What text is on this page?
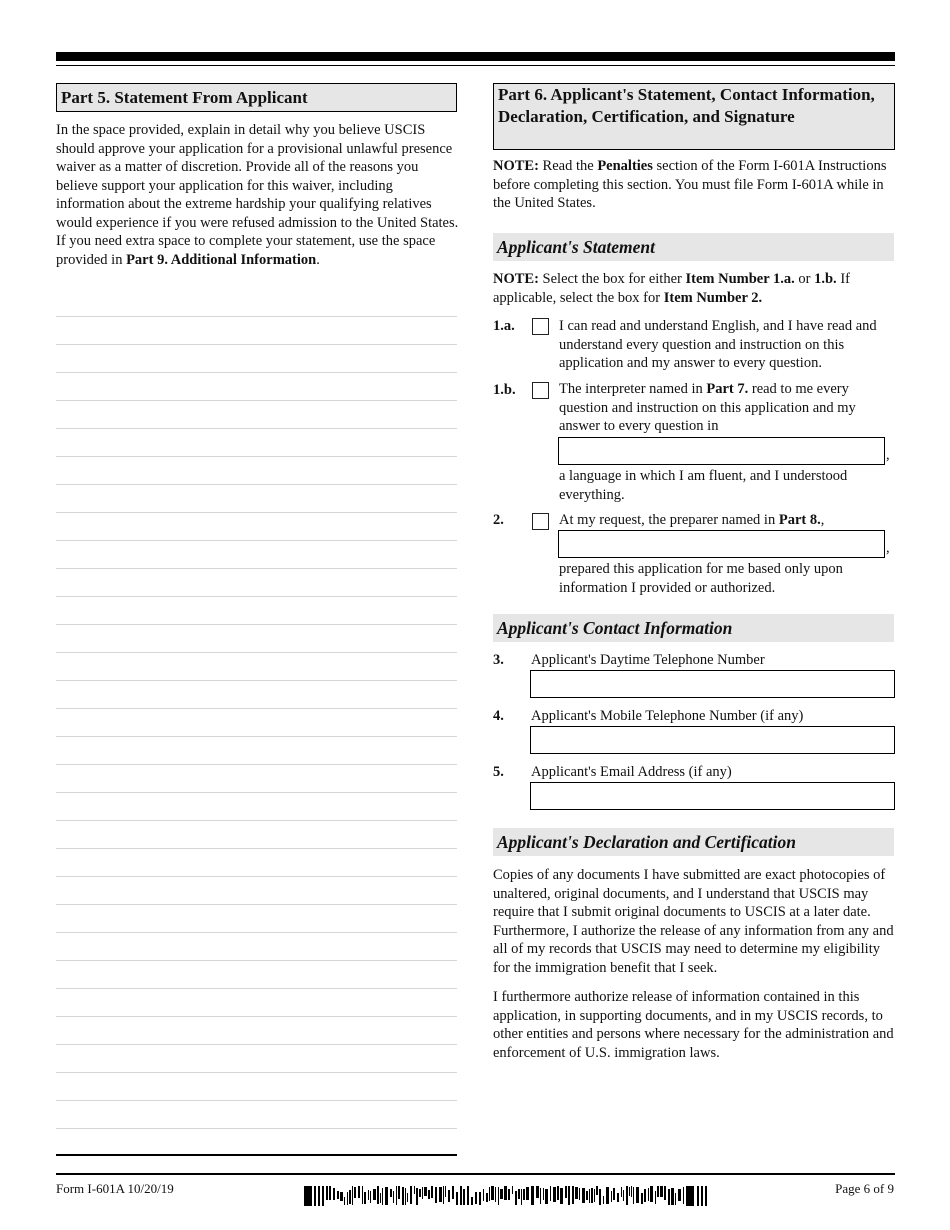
Part 5. Statement From Applicant
In the space provided, explain in detail why you believe USCIS should approve your application for a provisional unlawful presence waiver as a matter of discretion. Provide all of the reasons you believe support your application for this waiver, including information about the extreme hardship your qualifying relatives would experience if you were refused admission to the United States. If you need extra space to complete your statement, use the space provided in Part 9. Additional Information.
Part 6. Applicant's Statement, Contact Information, Declaration, Certification, and Signature
NOTE: Read the Penalties section of the Form I-601A Instructions before completing this section. You must file Form I-601A while in the United States.
Applicant's Statement
NOTE: Select the box for either Item Number 1.a. or 1.b. If applicable, select the box for Item Number 2.
1.a.	I can read and understand English, and I have read and understand every question and instruction on this application and my answer to every question.
1.b.	The interpreter named in Part 7. read to me every question and instruction on this application and my answer to every question in
,
a language in which I am fluent, and I understood everything.
2.	At my request, the preparer named in Part 8.,
,
prepared this application for me based only upon information I provided or authorized.
Applicant's Contact Information
3. Applicant's Daytime Telephone Number
4. Applicant's Mobile Telephone Number (if any)
5. Applicant's Email Address (if any)
Applicant's Declaration and Certification
Copies of any documents I have submitted are exact photocopies of unaltered, original documents, and I understand that USCIS may require that I submit original documents to USCIS at a later date. Furthermore, I authorize the release of any information from any and all of my records that USCIS may need to determine my eligibility for the immigration benefit that I seek.
I furthermore authorize release of information contained in this application, in supporting documents, and in my USCIS records, to other entities and persons where necessary for the administration and enforcement of U.S. immigration laws.
Form I-601A 10/20/19	Page 6 of 9
